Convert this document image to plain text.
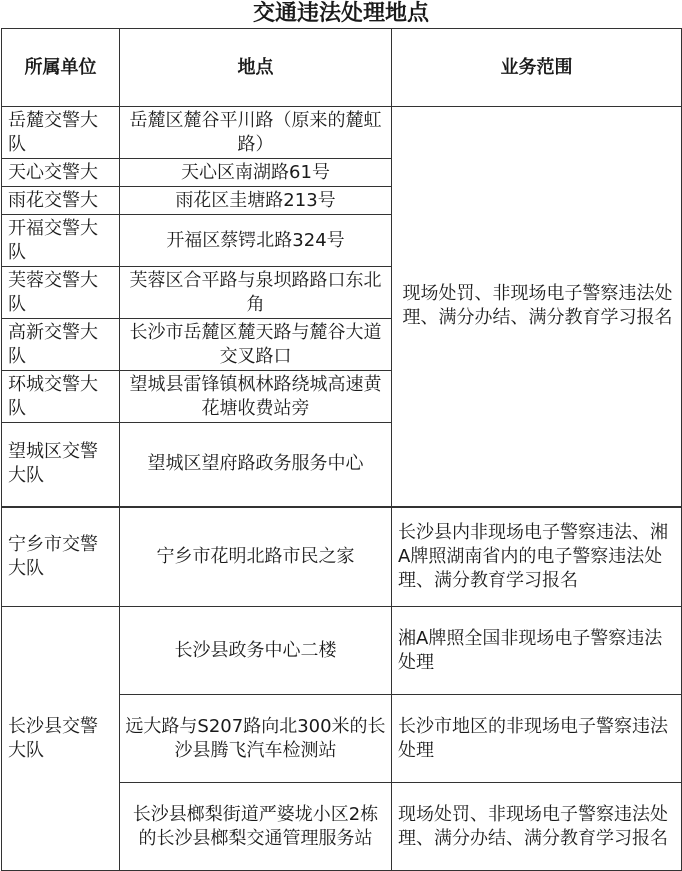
交通违法处理地点
所属单位	地点	业务范围
岳麓交警大队	岳麓区麓谷平川路（原来的麓虹路）	现场处罚、非现场电子警察违法处理、满分办结、满分教育学习报名
天心交警大	天心区南湖路61号	
雨花交警大	雨花区圭塘路213号	
开福交警大队	开福区蔡锷北路324号	
芙蓉交警大队	芙蓉区合平路与泉坝路路口东北角	
高新交警大队	长沙市岳麓区麓天路与麓谷大道交叉路口	
环城交警大队	望城县雷锋镇枫林路绕城高速黄花塘收费站旁	
望城区交警大队	望城区望府路政务服务中心	
宁乡市交警大队	宁乡市花明北路市民之家	长沙县内非现场电子警察违法、湘A牌照湖南省内的电子警察违法处理、满分教育学习报名
长沙县交警大队	长沙县政务中心二楼	湘A牌照全国非现场电子警察违法处理
	远大路与S207路向北300米的长沙县腾飞汽车检测站	长沙市地区的非现场电子警察违法处理
	长沙县榔梨街道严婆垅小区2栋的长沙县榔梨交通管理服务站	现场处罚、非现场电子警察违法处理、满分办结、满分教育学习报名
